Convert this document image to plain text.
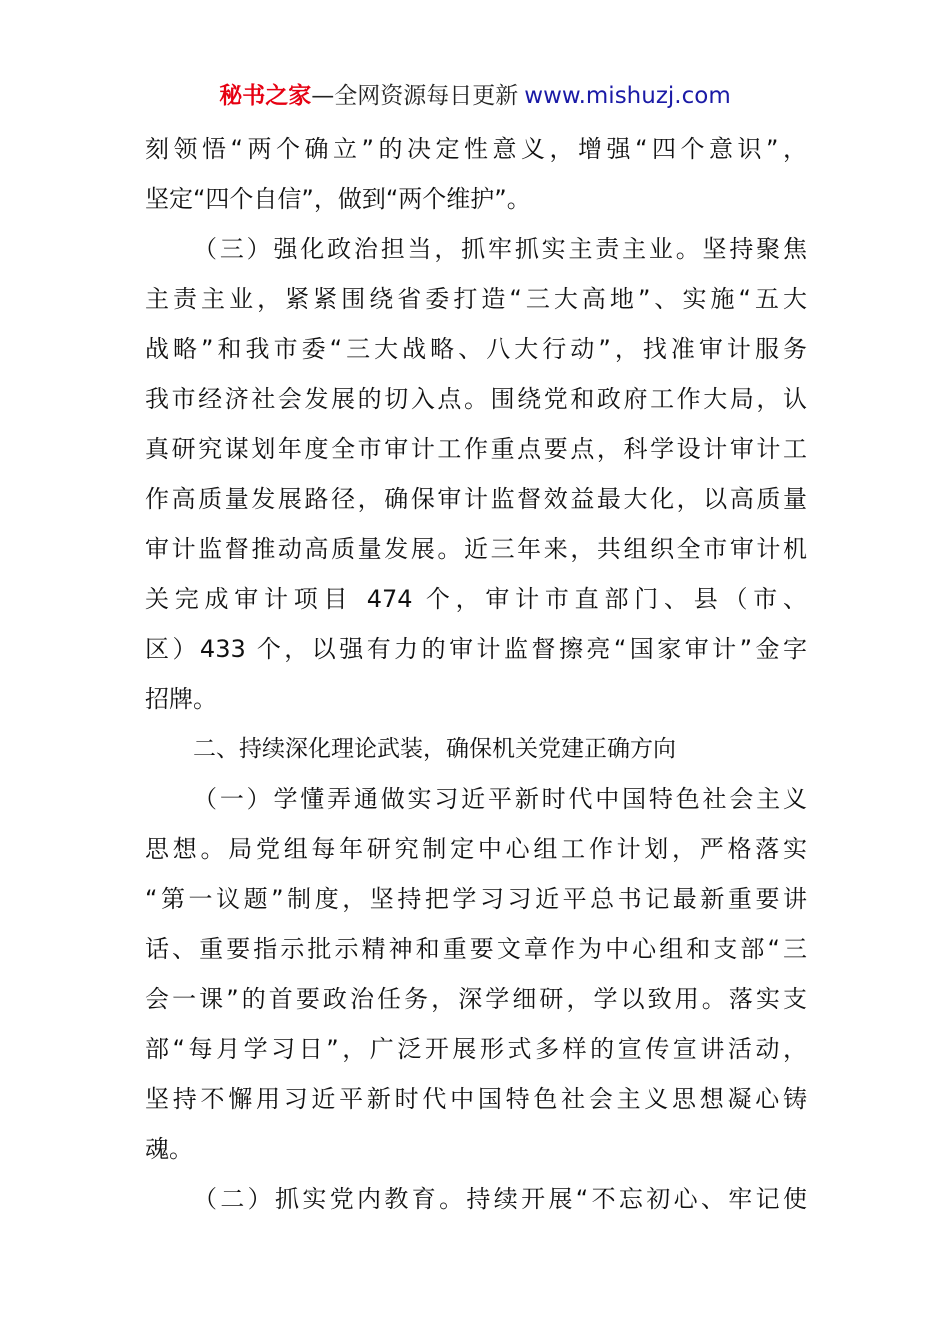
秘书之家—全网资源每日更新 www.mishuzj.com
刻领悟“两个确立”的决定性意义，增强“四个意识”，
坚定“四个自信”，做到“两个维护”。
（三）强化政治担当，抓牢抓实主责主业。坚持聚焦
主责主业，紧紧围绕省委打造“三大高地”、实施“五大
战略”和我市委“三大战略、八大行动”，找准审计服务
我市经济社会发展的切入点。围绕党和政府工作大局，认
真研究谋划年度全市审计工作重点要点，科学设计审计工
作高质量发展路径，确保审计监督效益最大化，以高质量
审计监督推动高质量发展。近三年来，共组织全市审计机
关完成审计项目 474 个，审计市直部门、县（市、
区）433 个，以强有力的审计监督擦亮“国家审计”金字
招牌。
二、持续深化理论武装，确保机关党建正确方向
（一）学懂弄通做实习近平新时代中国特色社会主义
思想。局党组每年研究制定中心组工作计划，严格落实
“第一议题”制度，坚持把学习习近平总书记最新重要讲
话、重要指示批示精神和重要文章作为中心组和支部“三
会一课”的首要政治任务，深学细研，学以致用。落实支
部“每月学习日”，广泛开展形式多样的宣传宣讲活动，
坚持不懈用习近平新时代中国特色社会主义思想凝心铸
魂。
（二）抓实党内教育。持续开展“不忘初心、牢记使
